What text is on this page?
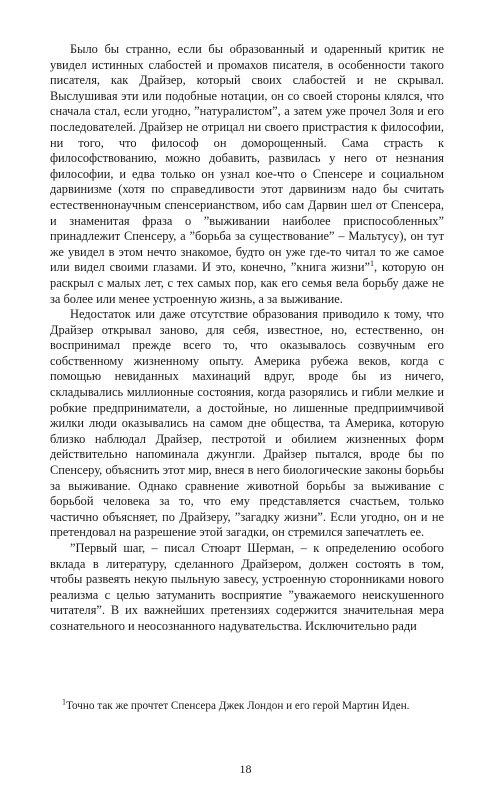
Было бы странно, если бы образованный и одаренный критик не увидел истинных слабостей и промахов писателя, в особенности такого писателя, как Драйзер, который своих слабостей и не скрывал. Выслушивая эти или подобные нотации, он со своей стороны клялся, что сначала стал, если угодно, ”натуралистом”, а затем уже прочел Золя и его последователей. Драйзер не отрицал ни своего пристрастия к философии, ни того, что философ он доморощенный. Сама страсть к философствованию, можно добавить, развилась у него от незнания философии, и едва только он узнал кое-что о Спенсере и социальном дарвинизме (хотя по справедливости этот дарвинизм надо бы считать естественнонаучным спенсерианством, ибо сам Дарвин шел от Спенсера, и знаменитая фраза о ”выживании наиболее приспособленных” принадлежит Спенсеру, а ”борьба за существование” – Мальтусу), он тут же увидел в этом нечто знакомое, будто он уже где-то читал то же самое или видел своими глазами. И это, конечно, ”книга жизни”$^1$, которую он раскрыл с малых лет, с тех самых пор, как его семья вела борьбу даже не за более или менее устроенную жизнь, а за выживание.

Недостаток или даже отсутствие образования приводило к тому, что Драйзер открывал заново, для себя, известное, но, естественно, он воспринимал прежде всего то, что оказывалось созвучным его собственному жизненному опыту. Америка рубежа веков, когда с помощью невиданных махинаций вдруг, вроде бы из ничего, складывались миллионные состояния, когда разорялись и гибли мелкие и робкие предприниматели, а достойные, но лишенные предприимчивой жилки люди оказывались на самом дне общества, та Америка, которую близко наблюдал Драйзер, пестротой и обилием жизненных форм действительно напоминала джунгли. Драйзер пытался, вроде бы по Спенсеру, объяснить этот мир, внеся в него биологические законы борьбы за выживание. Однако сравнение животной борьбы за выживание с борьбой человека за то, что ему представляется счастьем, только частично объясняет, по Драйзеру, ”загадку жизни”. Если угодно, он и не претендовал на разрешение этой загадки, он стремился запечатлеть ее.

”Первый шаг, – писал Стюарт Шерман, – к определению особого вклада в литературу, сделанного Драйзером, должен состоять в том, чтобы развеять некую пыльную завесу, устроенную сторонниками нового реализма с целью затуманить восприятие ”уважаемого неискушенного читателя”. В их важнейших претензиях содержится значительная мера сознательного и неосознанного надувательства. Исключительно ради

$^1$Точно так же прочтет Спенсера Джек Лондон и его герой Мартин Иден.

18
